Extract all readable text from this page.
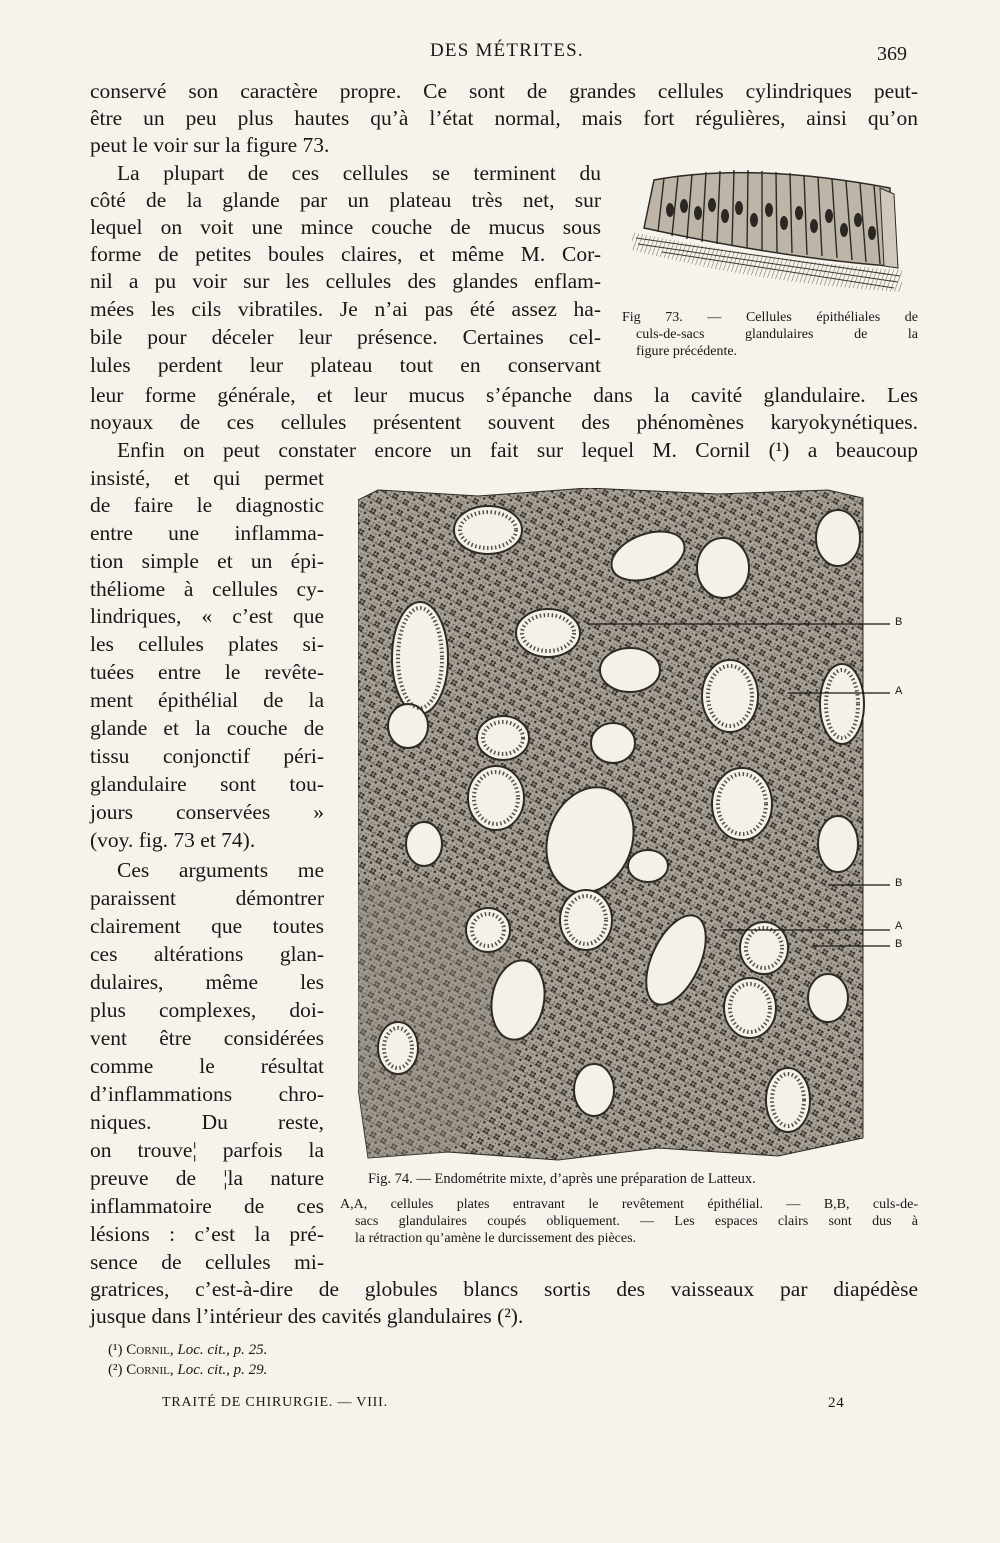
DES MÉTRITES.	369
conservé son caractère propre. Ce sont de grandes cellules cylindriques peut-
être un peu plus hautes qu’à l’état normal, mais fort régulières, ainsi qu’on
peut le voir sur la figure 73.
La plupart de ces cellules se terminent du
côté de la glande par un plateau très net, sur
lequel on voit une mince couche de mucus sous
forme de petites boules claires, et même M. Cor-
nil a pu voir sur les cellules des glandes enflam-
mées les cils vibratiles. Je n’ai pas été assez ha-
bile pour déceler leur présence. Certaines cel-
lules perdent leur plateau tout en conservant
Fig 73. — Cellules épithéliales de
culs-de-sacs glandulaires de la
figure précédente.
leur forme générale, et leur mucus s’épanche dans la cavité glandulaire. Les
noyaux de ces cellules présentent souvent des phénomènes karyokynétiques.
Enfin on peut constater encore un fait sur lequel M. Cornil (¹) a beaucoup
insisté, et qui permet
de faire le diagnostic
entre une inflamma-
tion simple et un épi-
théliome à cellules cy-
lindriques, « c’est que
les cellules plates si-
tuées entre le revête-
ment épithélial de la
glande et la couche de
tissu conjonctif péri-
glandulaire sont tou-
jours conservées »
(voy. fig. 73 et 74).
Ces arguments me
paraissent démontrer
clairement que toutes
ces altérations glan-
dulaires, même les
plus complexes, doi-
vent être considérées
comme le résultat
d’inflammations chro-
niques. Du reste,
on trouve¦ parfois la
preuve de ¦la nature
inflammatoire de ces
lésions : c’est la pré-
sence de cellules mi-
B
A
B
A
B
Fig. 74. — Endométrite mixte, d’après une préparation de Latteux.
A,A, cellules plates entravant le revêtement épithélial. — B,B, culs-de-
sacs glandulaires coupés obliquement. — Les espaces clairs sont dus à
la rétraction qu’amène le durcissement des pièces.
gratrices, c’est-à-dire de globules blancs sortis des vaisseaux par diapédèse
jusque dans l’intérieur des cavités glandulaires (²).
(¹) Cornil, Loc. cit., p. 25.
(²) Cornil, Loc. cit., p. 29.
TRAITÉ DE CHIRURGIE. — VIII.	24
